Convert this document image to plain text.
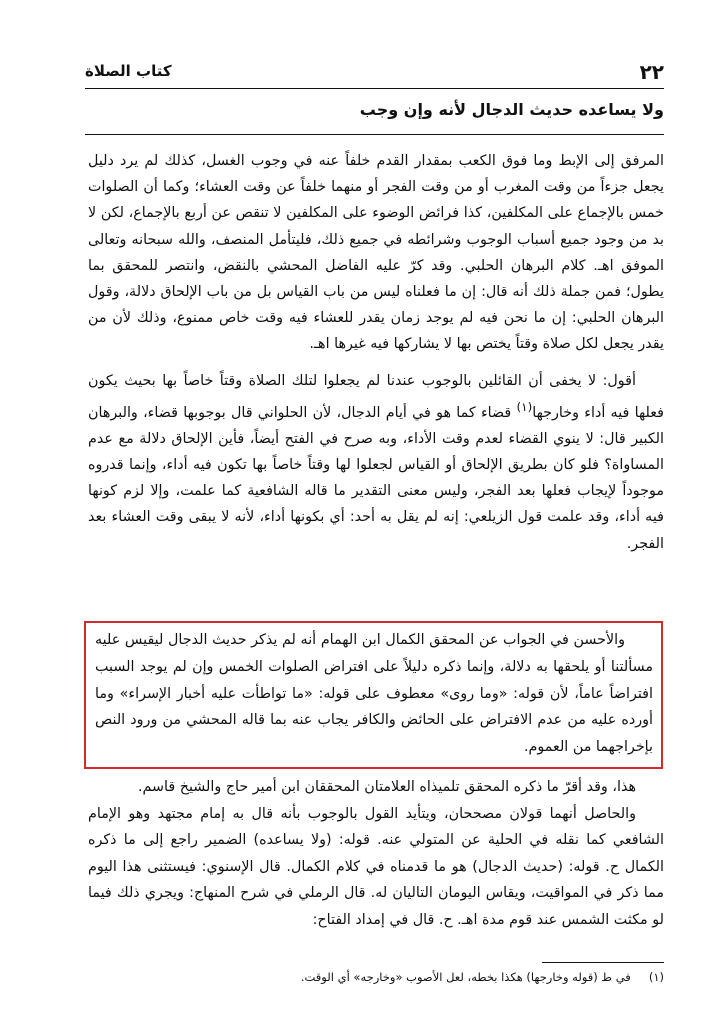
٢٢
كتاب الصلاة
ولا يساعده حديث الدجال لأنه وإن وجب

المرفق إلى الإبط وما فوق الكعب بمقدار القدم خلفاً عنه في وجوب الغسل، كذلك لم يرد دليل يجعل جزءاً من وقت المغرب أو من وقت الفجر أو منهما خلفاً عن وقت العشاء؛ وكما أن الصلوات خمس بالإجماع على المكلفين، كذا فرائض الوضوء على المكلفين لا تنقص عن أربع بالإجماع، لكن لا بد من وجود جميع أسباب الوجوب وشرائطه في جميع ذلك، فليتأمل المنصف، والله سبحانه وتعالى الموفق اهـ. كلام البرهان الحلبي. وقد كرّ عليه الفاضل المحشي بالنقض، وانتصر للمحقق بما يطول؛ فمن جملة ذلك أنه قال: إن ما فعلناه ليس من باب القياس بل من باب الإلحاق دلالة، وقول البرهان الحلبي: إن ما نحن فيه لم يوجد زمان يقدر للعشاء فيه وقت خاص ممنوع، وذلك لأن من يقدر يجعل لكل صلاة وقتاً يختص بها لا يشاركها فيه غيرها اهـ.

أقول: لا يخفى أن القائلين بالوجوب عندنا لم يجعلوا لتلك الصلاة وقتاً خاصاً بها بحيث يكون فعلها فيه أداء وخارجها$^{(١)}$ قضاء كما هو في أيام الدجال، لأن الحلواني قال بوجوبها قضاء، والبرهان الكبير قال: لا ينوي القضاء لعدم وقت الأداء، وبه صرح في الفتح أيضاً، فأين الإلحاق دلالة مع عدم المساواة؟ فلو كان بطريق الإلحاق أو القياس لجعلوا لها وقتاً خاصاً بها تكون فيه أداء، وإنما قدروه موجوداً لإيجاب فعلها بعد الفجر، وليس معنى التقدير ما قاله الشافعية كما علمت، وإلا لزم كونها فيه أداء، وقد علمت قول الزيلعي: إنه لم يقل به أحد: أي بكونها أداء، لأنه لا يبقى وقت العشاء بعد الفجر.

والأحسن في الجواب عن المحقق الكمال ابن الهمام أنه لم يذكر حديث الدجال ليقيس عليه مسألتنا أو يلحقها به دلالة، وإنما ذكره دليلاً على افتراض الصلوات الخمس وإن لم يوجد السبب افتراضاً عاماً، لأن قوله: «وما روى» معطوف على قوله: «ما تواطأت عليه أخبار الإسراء» وما أورده عليه من عدم الافتراض على الحائض والكافر يجاب عنه بما قاله المحشي من ورود النص بإخراجهما من العموم.

هذا، وقد أقرّ ما ذكره المحقق تلميذاه العلامتان المحققان ابن أمير حاج والشيخ قاسم.

والحاصل أنهما قولان مصححان، ويتأيد القول بالوجوب بأنه قال به إمام مجتهد وهو الإمام الشافعي كما نقله في الحلية عن المتولي عنه. قوله: (ولا يساعده) الضمير راجع إلى ما ذكره الكمال ح. قوله: (حديث الدجال) هو ما قدمناه في كلام الكمال. قال الإسنوي: فيستثنى هذا اليوم مما ذكر في المواقيت، ويقاس اليومان التاليان له. قال الرملي في شرح المنهاج: ويجري ذلك فيما لو مكثت الشمس عند قوم مدة اهـ. ح. قال في إمداد الفتاح:

(١)في ط (قوله وخارجها) هكذا بخطه، لعل الأصوب «وخارجه» أي الوقت.
